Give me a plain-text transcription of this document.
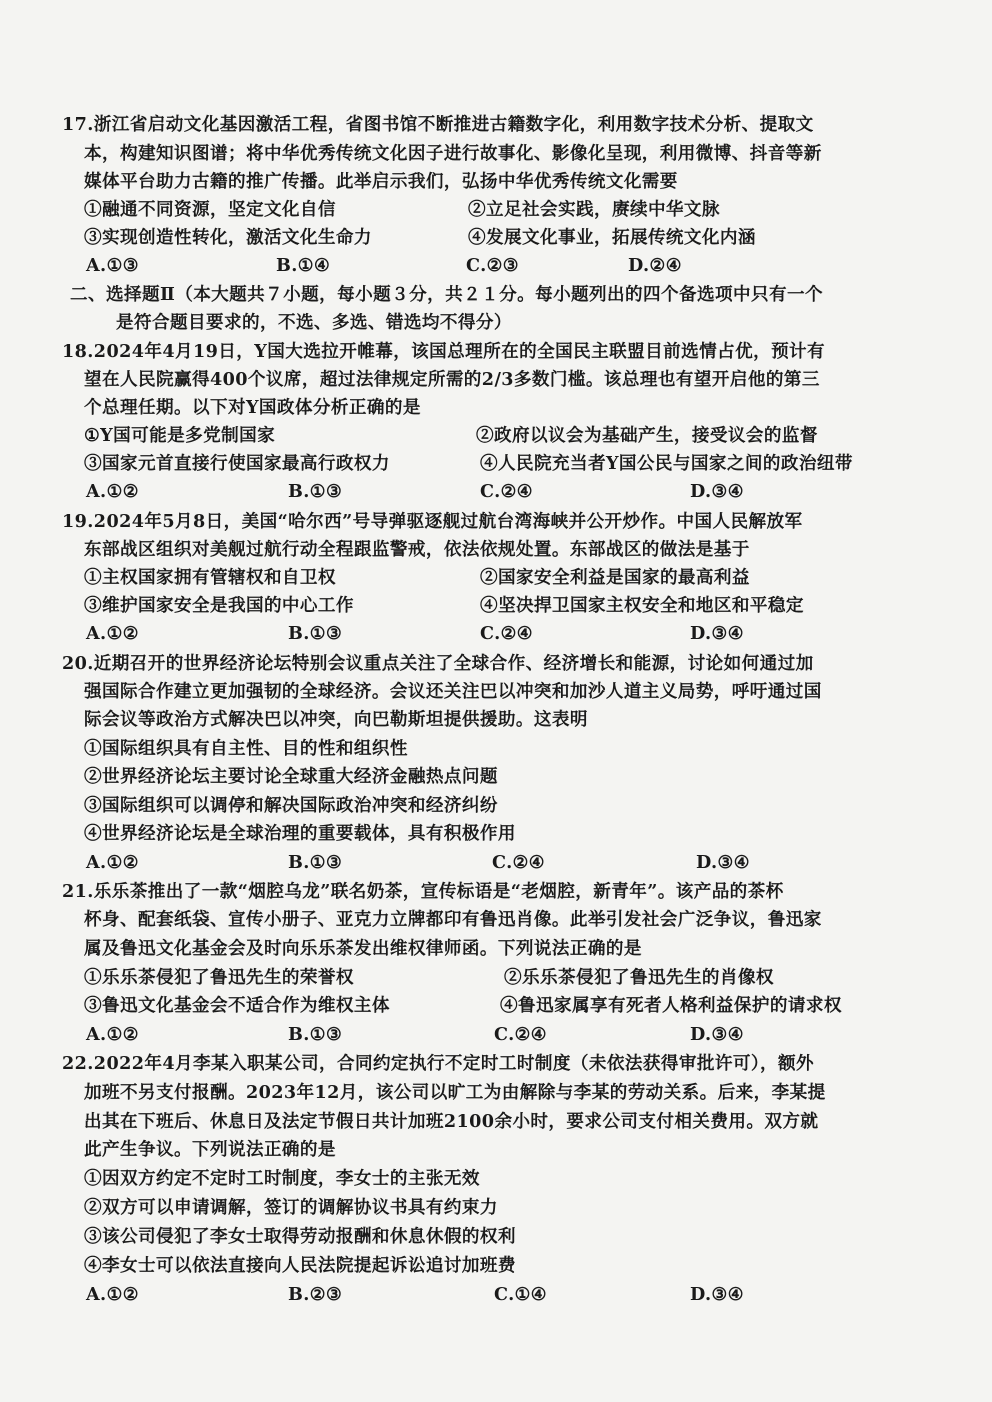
17.浙江省启动文化基因激活工程，省图书馆不断推进古籍数字化，利用数字技术分析、提取文
本，构建知识图谱；将中华优秀传统文化因子进行故事化、影像化呈现，利用微博、抖音等新
媒体平台助力古籍的推广传播。此举启示我们，弘扬中华优秀传统文化需要
①融通不同资源，坚定文化自信	②立足社会实践，赓续中华文脉
③实现创造性转化，激活文化生命力	④发展文化事业，拓展传统文化内涵
A.①③	B.①④	C.②③	D.②④
二、选择题Ⅱ（本大题共７小题，每小题３分，共２１分。每小题列出的四个备选项中只有一个
是符合题目要求的，不选、多选、错选均不得分）
18.2024年4月19日，Y国大选拉开帷幕，该国总理所在的全国民主联盟目前选情占优，预计有
望在人民院赢得400个议席，超过法律规定所需的2/3多数门槛。该总理也有望开启他的第三
个总理任期。以下对Y国政体分析正确的是
①Y国可能是多党制国家	②政府以议会为基础产生，接受议会的监督
③国家元首直接行使国家最高行政权力	④人民院充当者Y国公民与国家之间的政治纽带
A.①②	B.①③	C.②④	D.③④
19.2024年5月8日，美国“哈尔西”号导弹驱逐舰过航台湾海峡并公开炒作。中国人民解放军
东部战区组织对美舰过航行动全程跟监警戒，依法依规处置。东部战区的做法是基于
①主权国家拥有管辖权和自卫权	②国家安全利益是国家的最高利益
③维护国家安全是我国的中心工作	④坚决捍卫国家主权安全和地区和平稳定
A.①②	B.①③	C.②④	D.③④
20.近期召开的世界经济论坛特别会议重点关注了全球合作、经济增长和能源，讨论如何通过加
强国际合作建立更加强韧的全球经济。会议还关注巴以冲突和加沙人道主义局势，呼吁通过国
际会议等政治方式解决巴以冲突，向巴勒斯坦提供援助。这表明
①国际组织具有自主性、目的性和组织性
②世界经济论坛主要讨论全球重大经济金融热点问题
③国际组织可以调停和解决国际政治冲突和经济纠纷
④世界经济论坛是全球治理的重要载体，具有积极作用
A.①②	B.①③	C.②④	D.③④
21.乐乐茶推出了一款“烟腔乌龙”联名奶茶，宣传标语是“老烟腔，新青年”。该产品的茶杯
杯身、配套纸袋、宣传小册子、亚克力立牌都印有鲁迅肖像。此举引发社会广泛争议，鲁迅家
属及鲁迅文化基金会及时向乐乐茶发出维权律师函。下列说法正确的是
①乐乐茶侵犯了鲁迅先生的荣誉权	②乐乐茶侵犯了鲁迅先生的肖像权
③鲁迅文化基金会不适合作为维权主体	④鲁迅家属享有死者人格利益保护的请求权
A.①②	B.①③	C.②④	D.③④
22.2022年4月李某入职某公司，合同约定执行不定时工时制度（未依法获得审批许可），额外
加班不另支付报酬。2023年12月，该公司以旷工为由解除与李某的劳动关系。后来，李某提
出其在下班后、休息日及法定节假日共计加班2100余小时，要求公司支付相关费用。双方就
此产生争议。下列说法正确的是
①因双方约定不定时工时制度，李女士的主张无效
②双方可以申请调解，签订的调解协议书具有约束力
③该公司侵犯了李女士取得劳动报酬和休息休假的权利
④李女士可以依法直接向人民法院提起诉讼追讨加班费
A.①②	B.②③	C.①④	D.③④
